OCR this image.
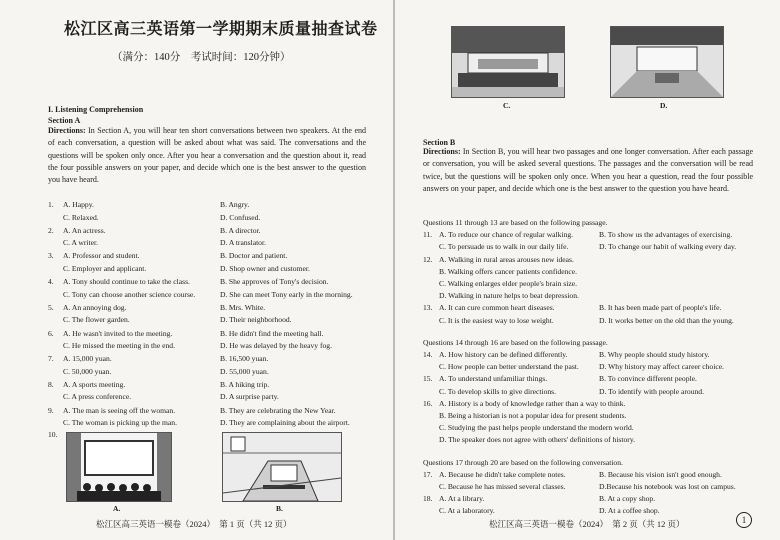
松江区高三英语第一学期期末质量抽查试卷
（满分：140分　考试时间：120分钟）
I. Listening Comprehension
Section A
Directions: In Section A, you will hear ten short conversations between two speakers. At the end of each conversation, a question will be asked about what was said. The conversations and the questions will be spoken only once. After you hear a conversation and the question about it, read the four possible answers on your paper, and decide which one is the best answer to the question you have heard.
1. A. Happy.	B. Angry.
C. Relaxed.	D. Confused.
2. A. An actress.	B. A director.
C. A writer.	D. A translator.
3. A. Professor and student.	B. Doctor and patient.
C. Employer and applicant.	D. Shop owner and customer.
4. A. Tony should continue to take the class.	B. She approves of Tony's decision.
C. Tony can choose another science course.	D. She can meet Tony early in the morning.
5. A. An annoying dog.	B. Mrs. White.
C. The flower garden.	D. Their neighborhood.
6. A. He wasn't invited to the meeting.	B. He didn't find the meeting hall.
C. He missed the meeting in the end.	D. He was delayed by the heavy fog.
7. A. 15,000 yuan.	B. 16,500 yuan.
C. 50,000 yuan.	D. 55,000 yuan.
8. A. A sports meeting.	B. A hiking trip.
C. A press conference.	D. A surprise party.
9. A. The man is seeing off the woman.	B. They are celebrating the New Year.
C. The woman is picking up the man.	D. They are complaining about the airport.
10.
A.	B.
松江区高三英语一模卷（2024）　第 1 页（共 12 页）
C.	D.
Section B
Directions: In Section B, you will hear two passages and one longer conversation. After each passage or conversation, you will be asked several questions. The passages and the conversation will be read twice, but the questions will be spoken only once. When you hear a question, read the four possible answers on your paper, and decide which one is the best answer to the question you have heard.
Questions 11 through 13 are based on the following passage.
11. A. To reduce our chance of regular walking.	B. To show us the advantages of exercising.
C. To persuade us to walk in our daily life.	D. To change our habit of walking every day.
12. A. Walking in rural areas arouses new ideas.
B. Walking offers cancer patients confidence.
C. Walking enlarges elder people's brain size.
D. Walking in nature helps to beat depression.
13. A. It can cure common heart diseases.	B. It has been made part of people's life.
C. It is the easiest way to lose weight.	D. It works better on the old than the young.
Questions 14 through 16 are based on the following passage.
14. A. How history can be defined differently.	B. Why people should study history.
C. How people can better understand the past.	D. Why history may affect career choice.
15. A. To understand unfamiliar things.	B. To convince different people.
C. To develop skills to give directions.	D. To identify with people around.
16. A. History is a body of knowledge rather than a way to think.
B. Being a historian is not a popular idea for present students.
C. Studying the past helps people understand the modern world.
D. The speaker does not agree with others' definitions of history.
Questions 17 through 20 are based on the following conversation.
17. A. Because he didn't take complete notes.	B. Because his vision isn't good enough.
C. Because he has missed several classes.	D.Because his notebook was lost on campus.
18. A. At a library.	B. At a copy shop.
C. At a laboratory.	D. At a coffee shop.
松江区高三英语一模卷（2024）　第 2 页（共 12 页）	1
